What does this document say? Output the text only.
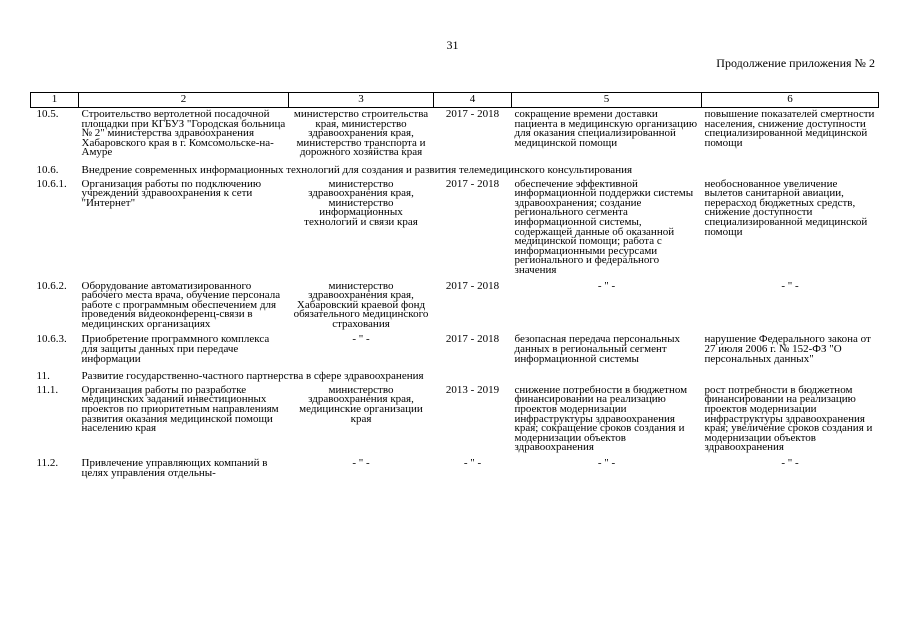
31
Продолжение приложения № 2
1	2	3	4	5	6
10.5.	Строительство вертолетной посадочной площадки при КГБУЗ "Городская больница № 2" министерства здравоохранения Хабаровского края в г. Комсомольске-на-Амуре	министерство строительства края, министерство здравоохранения края, министерство транспорта и дорожного хозяйства края	2017 - 2018	сокращение времени доставки пациента в медицинскую организацию для оказания специализированной медицинской помощи	повышение показателей смертности населения, снижение доступности специализированной медицинской помощи
10.6.	Внедрение современных информационных технологий для создания и развития телемедицинского консультирования				
10.6.1.	Организация работы по подключению учреждений здравоохранения к сети "Интернет"	министерство здравоохранения края, министерство информационных технологий и связи края	2017 - 2018	обеспечение эффективной информационной поддержки системы здравоохранения; создание регионального сегмента информационной системы, содержащей данные об оказанной медицинской помощи; работа с информационными ресурсами регионального и федерального значения	необоснованное увеличение вылетов санитарной авиации, перерасход бюджетных средств, снижение доступности специализированной медицинской помощи
10.6.2.	Оборудование автоматизированного рабочего места врача, обучение персонала работе с программным обеспечением для проведения видеоконференц-связи в медицинских организациях	министерство здравоохранения края, Хабаровский краевой фонд обязательного медицинского страхования	2017 - 2018	- " -	- " -
10.6.3.	Приобретение программного комплекса для защиты данных при передаче информации	- " -	2017 - 2018	безопасная передача персональных данных в региональный сегмент информационной системы	нарушение Федерального закона от 27 июля 2006 г. № 152-ФЗ "О персональных данных"
11.	Развитие государственно-частного партнерства в сфере здравоохранения				
11.1.	Организация работы по разработке медицинских заданий инвестиционных проектов по приоритетным направлениям развития оказания медицинской помощи населению края	министерство здравоохранения края, медицинские организации края	2013 - 2019	снижение потребности в бюджетном финансировании на реализацию проектов модернизации инфраструктуры здравоохранения края; сокращение сроков создания и модернизации объектов здравоохранения	рост потребности в бюджетном финансировании на реализацию проектов модернизации инфраструктуры здравоохранения края; увеличение сроков создания и модернизации объектов здравоохранения
11.2.	Привлечение управляющих компаний в целях управления отдельны-	- " -	- " -	- " -	- " -
